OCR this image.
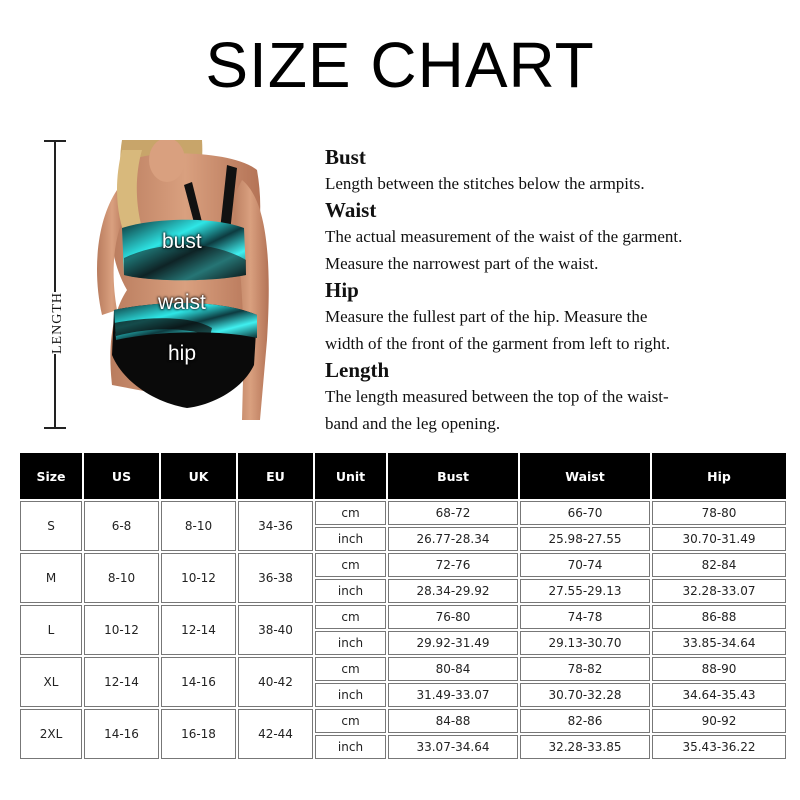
SIZE CHART
LENGTH
bust
waist
hip
Bust
Length between the stitches below the armpits.
Waist
The actual measurement of the waist of the garment.
Measure the narrowest part of the waist.
Hip
Measure the fullest part of the hip. Measure the
width of the front of the garment from left to right.
Length
The length measured between the top of the waist-
band and the leg opening.
Size	US	UK	EU	Unit	Bust	Waist	Hip
S	6-8	8-10	34-36	cm	68-72	66-70	78-80
				inch	26.77-28.34	25.98-27.55	30.70-31.49
M	8-10	10-12	36-38	cm	72-76	70-74	82-84
				inch	28.34-29.92	27.55-29.13	32.28-33.07
L	10-12	12-14	38-40	cm	76-80	74-78	86-88
				inch	29.92-31.49	29.13-30.70	33.85-34.64
XL	12-14	14-16	40-42	cm	80-84	78-82	88-90
				inch	31.49-33.07	30.70-32.28	34.64-35.43
2XL	14-16	16-18	42-44	cm	84-88	82-86	90-92
				inch	33.07-34.64	32.28-33.85	35.43-36.22
